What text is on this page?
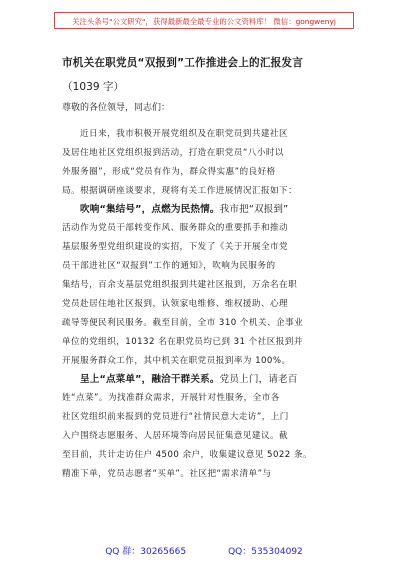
关注头条号"公文研究"，获得最新最全最专业的公文资料库！ 微信：gongwenyj
市机关在职党员“双报到”工作推进会上的汇报发言
（1039 字）
尊敬的各位领导，同志们：
近日来，我市积极开展党组织及在职党员到共建社区
及居住地社区党组织报到活动，打造在职党员“八小时以
外服务圈”，形成“党员有作为，群众得实惠”的良好格
局。根据调研座谈要求，现将有关工作进展情况汇报如下：
吹响“集结号”，点燃为民热情。我市把“双报到”
活动作为党员干部转变作风、服务群众的重要抓手和推动
基层服务型党组织建设的实招，下发了《关于开展全市党
员干部进社区“双报到”工作的通知》，吹响为民服务的
集结号，百余支基层党组织报到共建社区报到，万余名在职
党员赴居住地社区报到，认领家电维修、维权援助、心理
疏导等便民利民服务。截至目前，全市 310 个机关、企事业
单位的党组织，10132 名在职党员均已到 31 个社区报到并
开展服务群众工作，其中机关在职党员报到率为 100%。
呈上“点菜单”，融洽干群关系。党员上门，请老百
姓“点菜”。为找准群众需求，开展针对性服务，全市各
社区党组织前来报到的党员进行“社情民意大走访”，上门
入户围绕志愿服务、人居环境等向居民征集意见建议。截
至目前，共计走访住户 4500 余户，收集建议意见 5022 条。
精准下单，党员志愿者“买单”。社区把“需求清单”与
QQ 群：30265665	QQ：535304092
